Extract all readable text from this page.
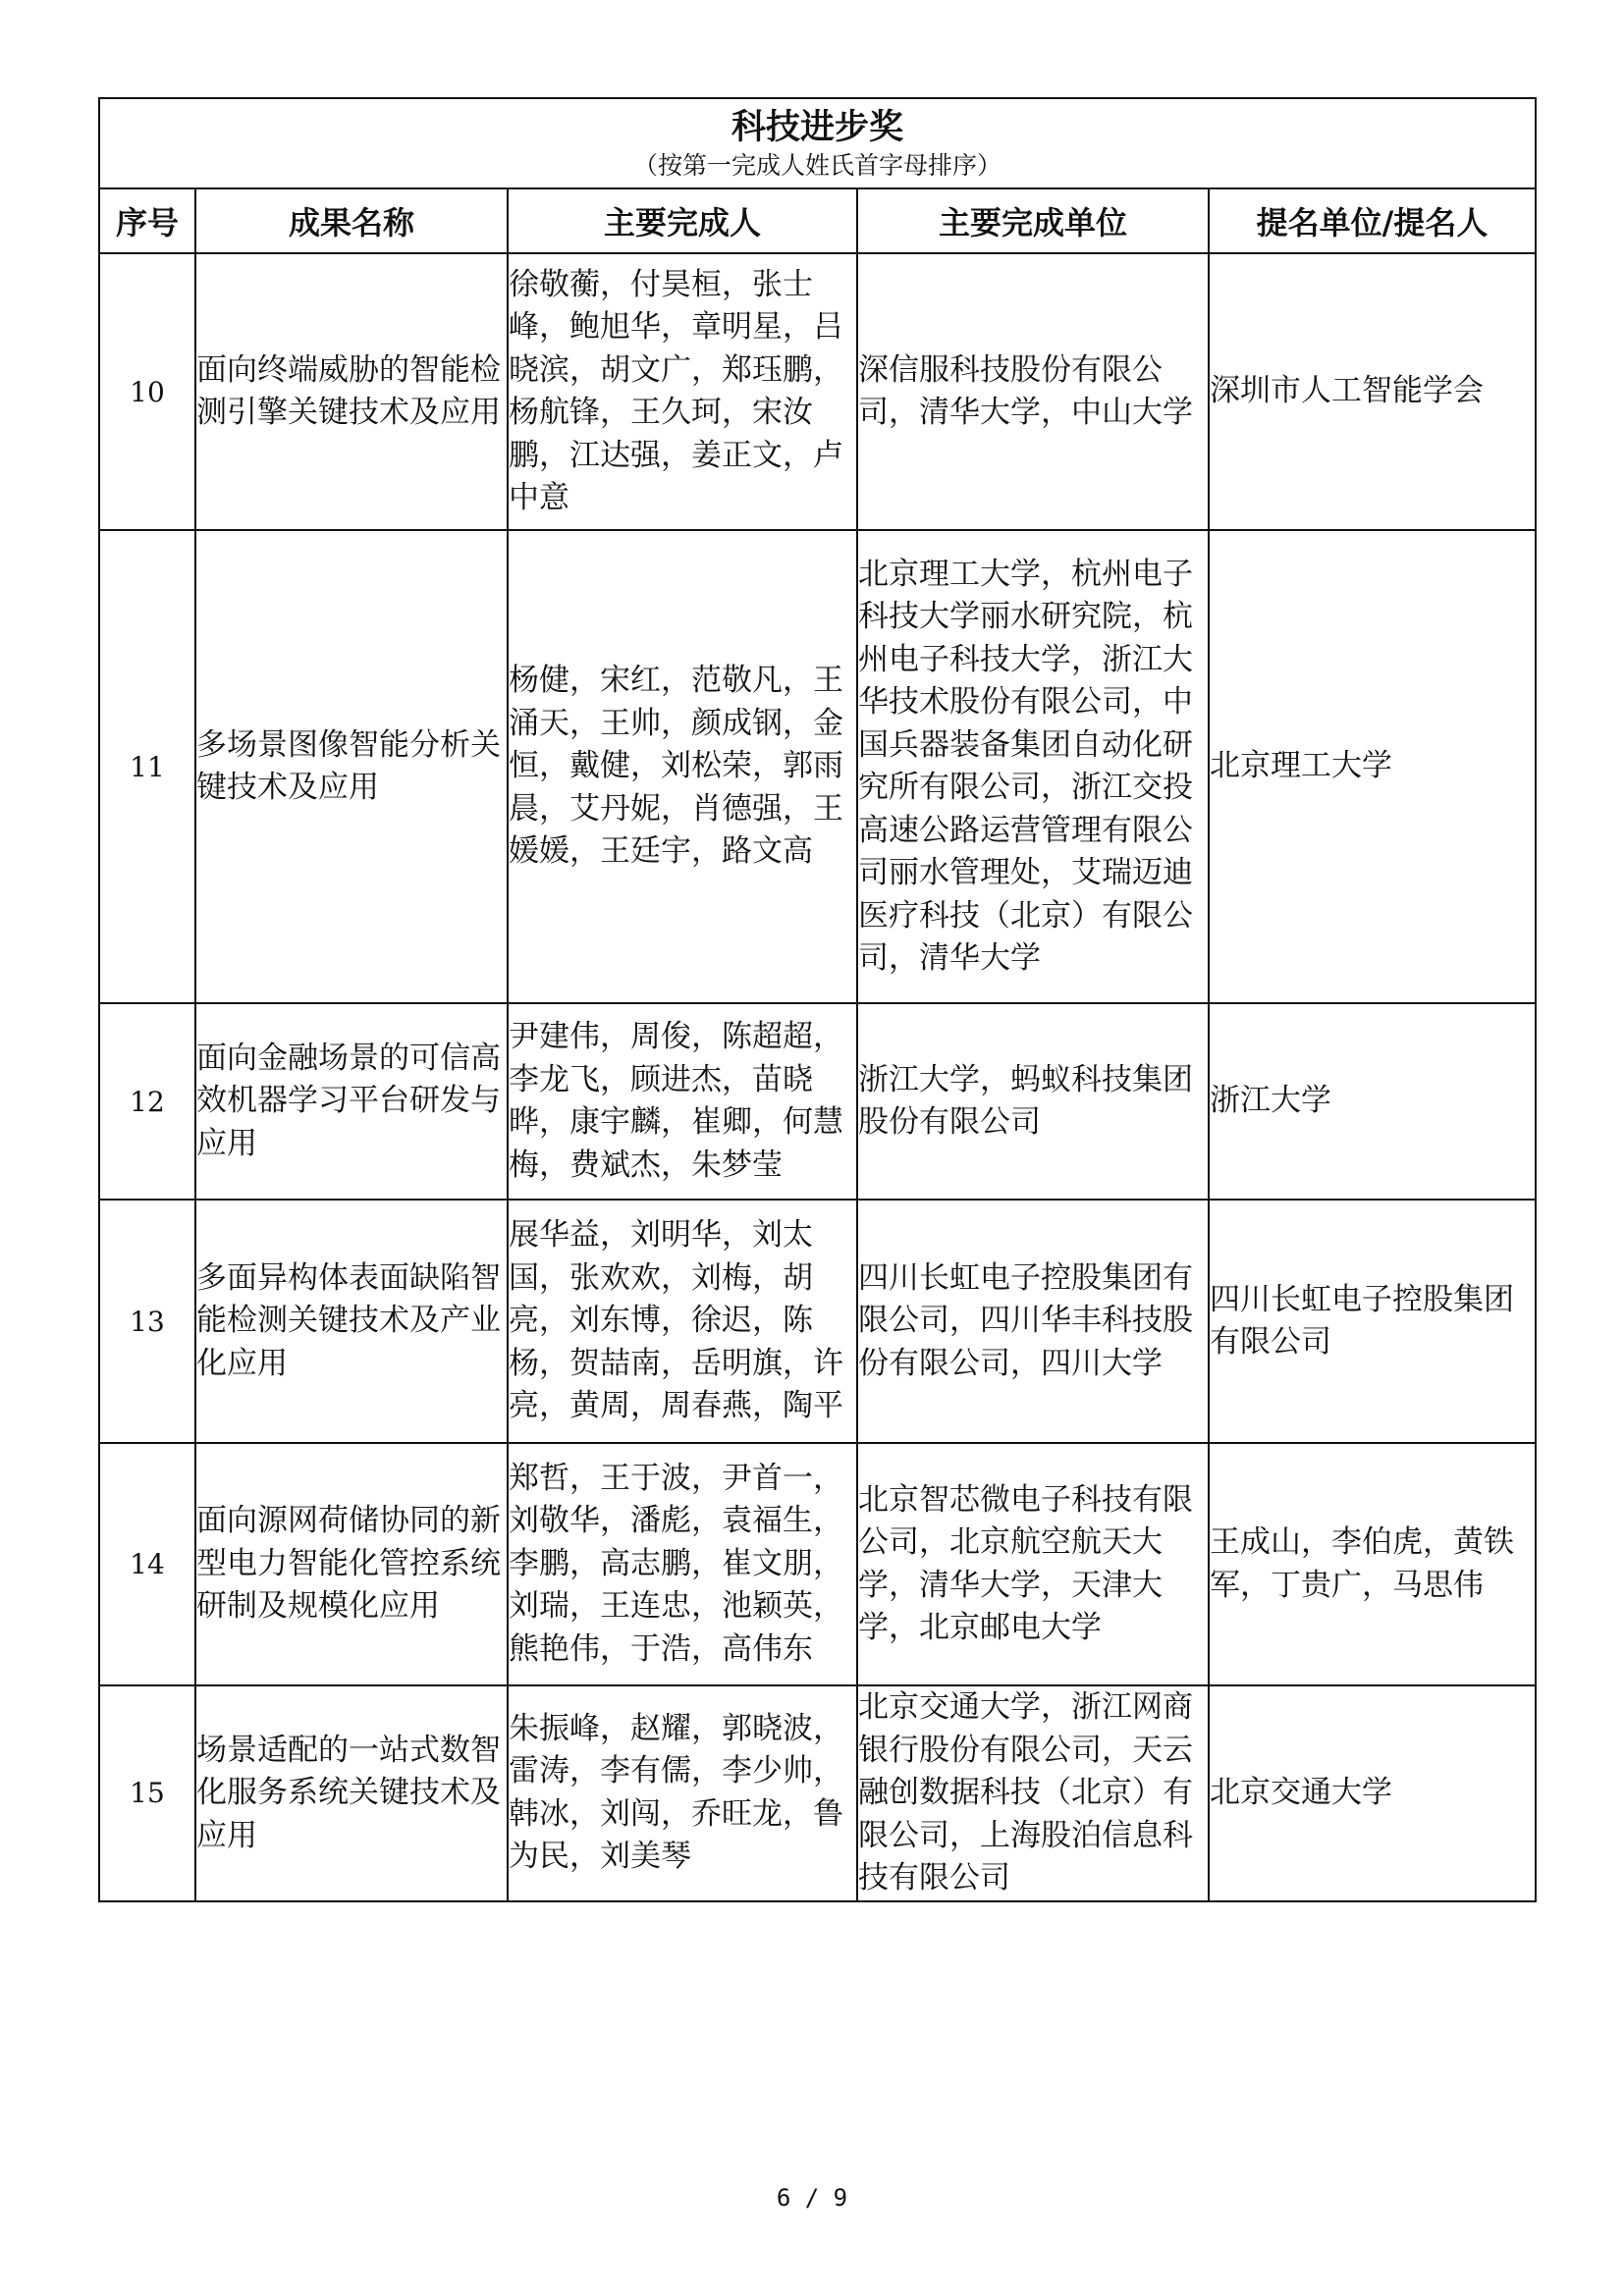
科技进步奖
（按第一完成人姓氏首字母排序）				

序号	成果名称	主要完成人	主要完成单位	提名单位/提名人
10	面向终端威胁的智能检测引擎关键技术及应用	徐敬蘅，付昊桓，张士峰，鲍旭华，章明星，吕晓滨，胡文广，郑珏鹏，杨航锋，王久珂，宋汝鹏，江达强，姜正文，卢中意	深信服科技股份有限公司，清华大学，中山大学	深圳市人工智能学会
11	多场景图像智能分析关键技术及应用	杨健，宋红，范敬凡，王涌天，王帅，颜成钢，金恒，戴健，刘松荣，郭雨晨，艾丹妮，肖德强，王媛媛，王廷宇，路文高	北京理工大学，杭州电子科技大学丽水研究院，杭州电子科技大学，浙江大华技术股份有限公司，中国兵器装备集团自动化研究所有限公司，浙江交投高速公路运营管理有限公司丽水管理处，艾瑞迈迪医疗科技（北京）有限公司，清华大学	北京理工大学
12	面向金融场景的可信高效机器学习平台研发与应用	尹建伟，周俊，陈超超，李龙飞，顾进杰，苗晓晔，康宇麟，崔卿，何慧梅，费斌杰，朱梦莹	浙江大学，蚂蚁科技集团股份有限公司	浙江大学
13	多面异构体表面缺陷智能检测关键技术及产业化应用	展华益，刘明华，刘太国，张欢欢，刘梅，胡亮，刘东博，徐迟，陈杨，贺喆南，岳明旗，许亮，黄周，周春燕，陶平	四川长虹电子控股集团有限公司，四川华丰科技股份有限公司，四川大学	四川长虹电子控股集团有限公司
14	面向源网荷储协同的新型电力智能化管控系统研制及规模化应用	郑哲，王于波，尹首一，刘敬华，潘彪，袁福生，李鹏，高志鹏，崔文朋，刘瑞，王连忠，池颖英，熊艳伟，于浩，高伟东	北京智芯微电子科技有限公司，北京航空航天大学，清华大学，天津大学，北京邮电大学	王成山，李伯虎，黄铁军，丁贵广，马思伟
15	场景适配的一站式数智化服务系统关键技术及应用	朱振峰，赵耀，郭晓波，雷涛，李有儒，李少帅，韩冰，刘闯，乔旺龙，鲁为民，刘美琴	北京交通大学，浙江网商银行股份有限公司，天云融创数据科技（北京）有限公司，上海股泊信息科技有限公司	北京交通大学
6 / 9
